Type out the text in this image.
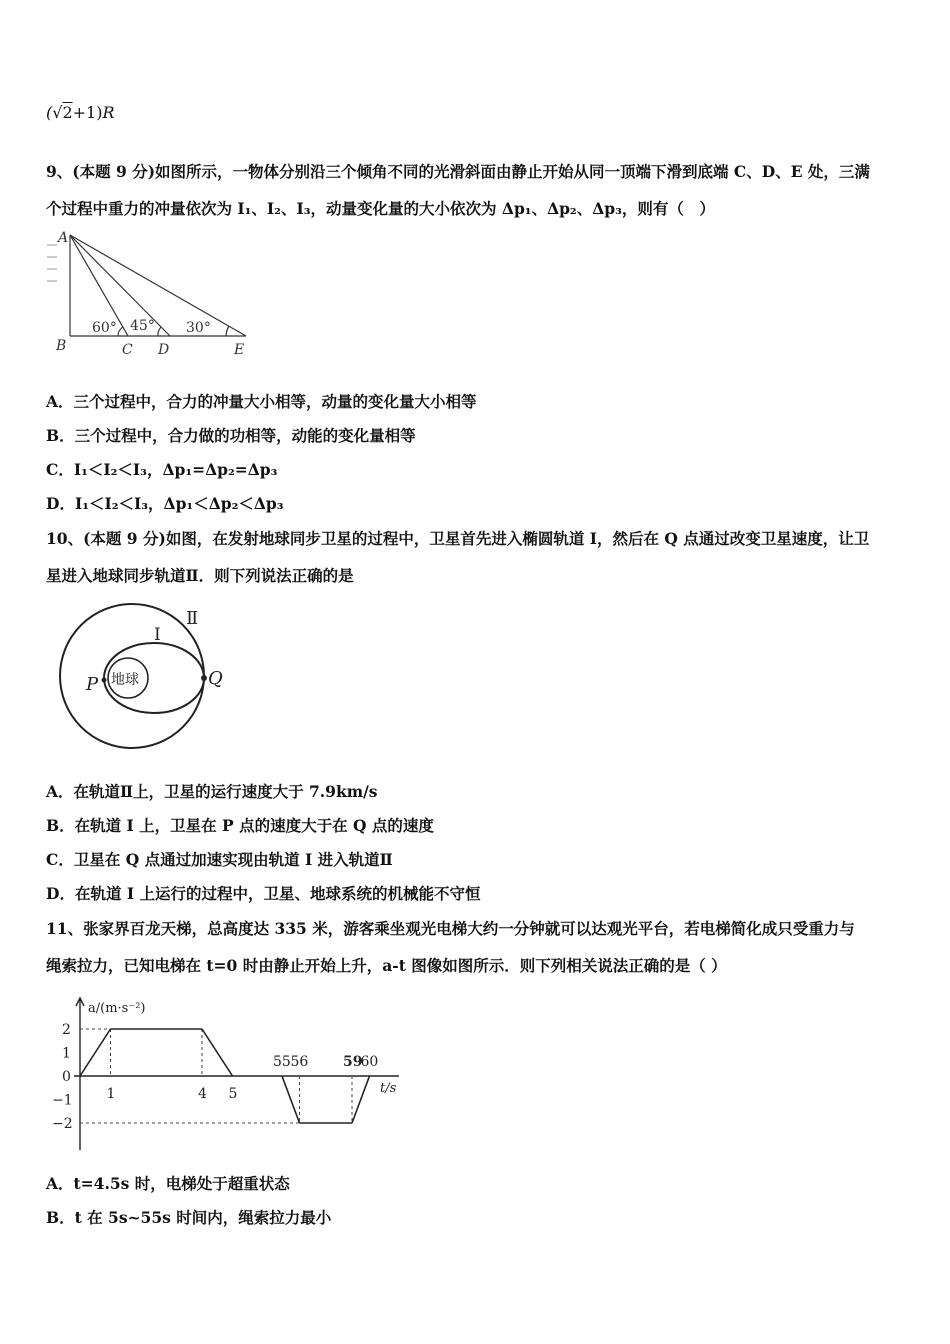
(√2+1)R
9、(本题 9 分)如图所示，一物体分别沿三个倾角不同的光滑斜面由静止开始从同一顶端下滑到底端 C、D、E 处，三满
个过程中重力的冲量依次为 I₁、I₂、I₃，动量变化量的大小依次为 Δp₁、Δp₂、Δp₃，则有（　）
A
B	C D	E
60° 45° 30°
A．三个过程中，合力的冲量大小相等，动量的变化量大小相等
B．三个过程中，合力做的功相等，动能的变化量相等
C．I₁＜I₂＜I₃，Δp₁=Δp₂=Δp₃
D．I₁＜I₂＜I₃，Δp₁＜Δp₂＜Δp₃
10、(本题 9 分)如图，在发射地球同步卫星的过程中，卫星首先进入椭圆轨道 I，然后在 Q 点通过改变卫星速度，让卫
星进入地球同步轨道Ⅱ．则下列说法正确的是
Ⅱ
I
P	Q
地球
A．在轨道Ⅱ上，卫星的运行速度大于 7.9km/s
B．在轨道 I 上，卫星在 P 点的速度大于在 Q 点的速度
C．卫星在 Q 点通过加速实现由轨道 I 进入轨道Ⅱ
D．在轨道 I 上运行的过程中，卫星、地球系统的机械能不守恒
11、张家界百龙天梯，总高度达 335 米，游客乘坐观光电梯大约一分钟就可以达观光平台，若电梯简化成只受重力与
绳索拉力，已知电梯在 t=0 时由静止开始上升，a-t 图像如图所示．则下列相关说法正确的是（ ）
2
1
0
−1
−2
1	4 5
55 56 59
60
a/(m·s⁻²)
t/s
A．t=4.5s 时，电梯处于超重状态
B．t 在 5s~55s 时间内，绳索拉力最小
